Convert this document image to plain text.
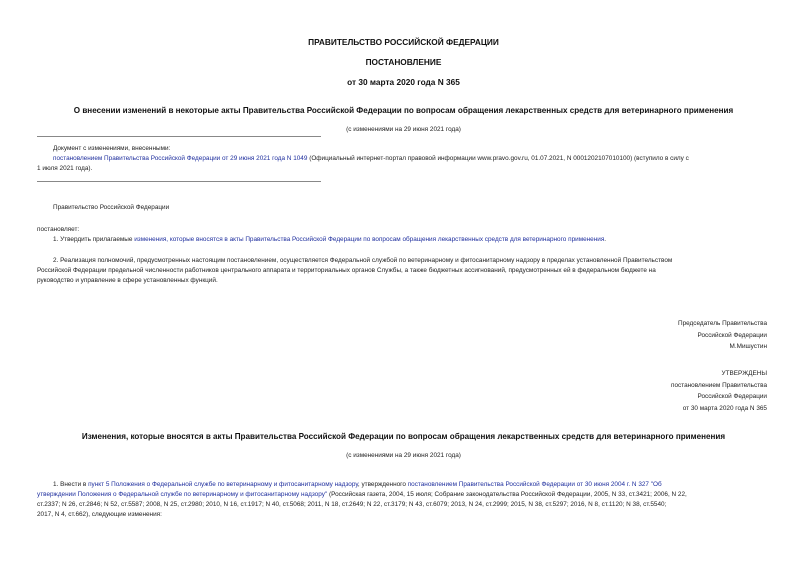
ПРАВИТЕЛЬСТВО РОССИЙСКОЙ ФЕДЕРАЦИИ
ПОСТАНОВЛЕНИЕ
от 30 марта 2020 года N 365
О внесении изменений в некоторые акты Правительства Российской Федерации по вопросам обращения лекарственных средств для ветеринарного применения
(с изменениями на 29 июня 2021 года)
Документ с изменениями, внесенными:
постановлением Правительства Российской Федерации от 29 июня 2021 года N 1049 (Официальный интернет-портал правовой информации www.pravo.gov.ru, 01.07.2021, N 0001202107010100) (вступило в силу с
1 июля 2021 года).
Правительство Российской Федерации
постановляет:
1. Утвердить прилагаемые изменения, которые вносятся в акты Правительства Российской Федерации по вопросам обращения лекарственных средств для ветеринарного применения.
2. Реализация полномочий, предусмотренных настоящим постановлением, осуществляется Федеральной службой по ветеринарному и фитосанитарному надзору в пределах установленной Правительством
Российской Федерации предельной численности работников центрального аппарата и территориальных органов Службы, а также бюджетных ассигнований, предусмотренных ей в федеральном бюджете на
руководство и управление в сфере установленных функций.
Председатель Правительства
Российской Федерации
М.Мишустин
УТВЕРЖДЕНЫ
постановлением Правительства
Российской Федерации
от 30 марта 2020 года N 365
Изменения, которые вносятся в акты Правительства Российской Федерации по вопросам обращения лекарственных средств для ветеринарного применения
(с изменениями на 29 июня 2021 года)
1. Внести в пункт 5 Положения о Федеральной службе по ветеринарному и фитосанитарному надзору, утвержденного постановлением Правительства Российской Федерации от 30 июня 2004 г. N 327 "Об
утверждении Положения о Федеральной службе по ветеринарному и фитосанитарному надзору" (Российская газета, 2004, 15 июля; Собрание законодательства Российской Федерации, 2005, N 33, ст.3421; 2006, N 22,
ст.2337; N 26, ст.2846; N 52, ст.5587; 2008, N 25, ст.2980; 2010, N 16, ст.1917; N 40, ст.5068; 2011, N 18, ст.2649; N 22, ст.3179; N 43, ст.6079; 2013, N 24, ст.2999; 2015, N 38, ст.5297; 2016, N 8, ст.1120; N 38, ст.5540;
2017, N 4, ст.662), следующие изменения:
